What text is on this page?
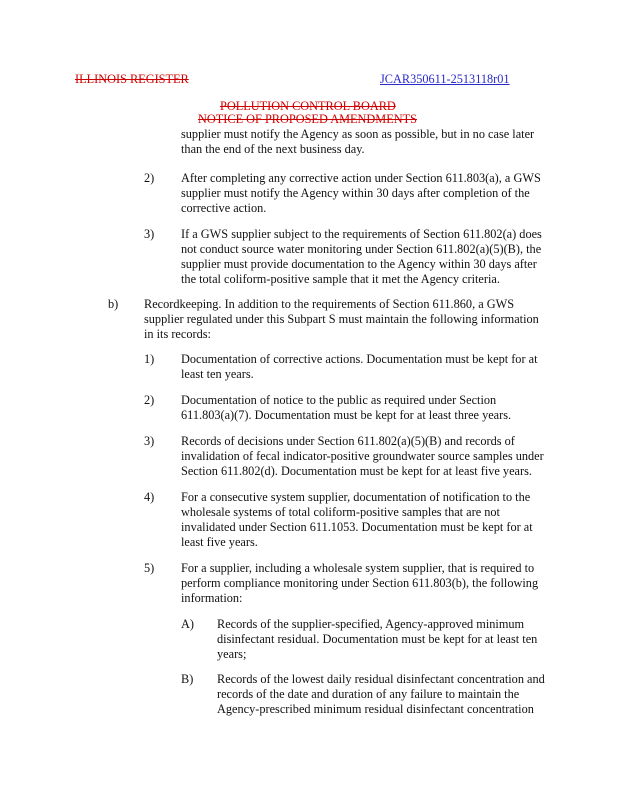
ILLINOIS REGISTER	JCAR350611-2513118r01
POLLUTION CONTROL BOARD
NOTICE OF PROPOSED AMENDMENTS
supplier must notify the Agency as soon as possible, but in no case later
than the end of the next business day.
2) After completing any corrective action under Section 611.803(a), a GWS
supplier must notify the Agency within 30 days after completion of the
corrective action.
3) If a GWS supplier subject to the requirements of Section 611.802(a) does
not conduct source water monitoring under Section 611.802(a)(5)(B), the
supplier must provide documentation to the Agency within 30 days after
the total coliform-positive sample that it met the Agency criteria.
b) Recordkeeping. In addition to the requirements of Section 611.860, a GWS
supplier regulated under this Subpart S must maintain the following information
in its records:
1) Documentation of corrective actions. Documentation must be kept for at
least ten years.
2) Documentation of notice to the public as required under Section
611.803(a)(7). Documentation must be kept for at least three years.
3) Records of decisions under Section 611.802(a)(5)(B) and records of
invalidation of fecal indicator-positive groundwater source samples under
Section 611.802(d). Documentation must be kept for at least five years.
4) For a consecutive system supplier, documentation of notification to the
wholesale systems of total coliform-positive samples that are not
invalidated under Section 611.1053. Documentation must be kept for at
least five years.
5) For a supplier, including a wholesale system supplier, that is required to
perform compliance monitoring under Section 611.803(b), the following
information:
A) Records of the supplier-specified, Agency-approved minimum
disinfectant residual. Documentation must be kept for at least ten
years;
B) Records of the lowest daily residual disinfectant concentration and
records of the date and duration of any failure to maintain the
Agency-prescribed minimum residual disinfectant concentration
